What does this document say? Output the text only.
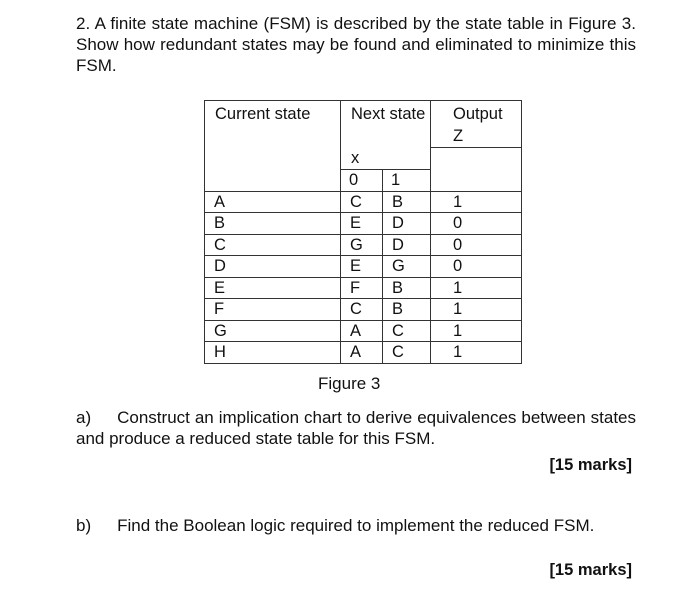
2. A finite state machine (FSM) is described by the state table in Figure 3. Show how redundant states may be found and eliminated to minimize this FSM.

Current state	Next state		Output
Z

	x		
	0	1	
A	C	B	1
B	E	D	0
C	G	D	0
D	E	G	0
E	F	B	1
F	C	B	1
G	A	C	1
H	A	C	1
Figure 3

a) Construct an implication chart to derive equivalences between states and produce a reduced state table for this FSM.

[15 marks]

b) Find the Boolean logic required to implement the reduced FSM.

[15 marks]
